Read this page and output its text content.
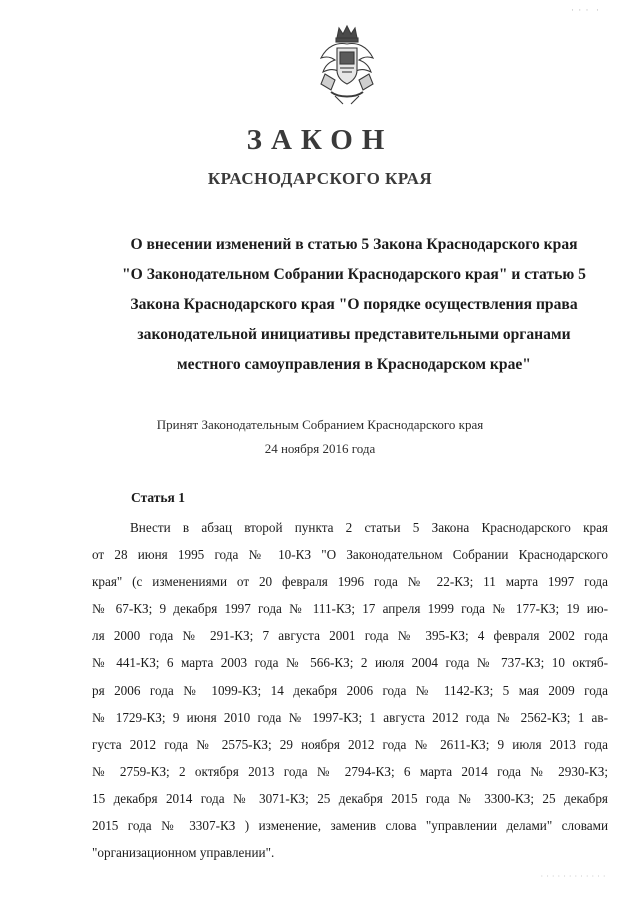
· · ·  ·
ЗАКОН
КРАСНОДАРСКОГО КРАЯ
О внесении изменений в статью 5 Закона Краснодарского края
"О Законодательном Собрании Краснодарского края" и статью 5
Закона Краснодарского края "О порядке осуществления права
законодательной инициативы представительными органами
местного самоуправления в Краснодарском крае"
Принят Законодательным Собранием Краснодарского края
24 ноября 2016 года
Статья 1
Внести в абзац второй пункта 2 статьи 5 Закона Краснодарского края
от 28 июня 1995 года № 10-КЗ "О Законодательном Собрании Краснодарского
края" (с изменениями от 20 февраля 1996 года № 22-КЗ; 11 марта 1997 года
№ 67-КЗ; 9 декабря 1997 года № 111-КЗ; 17 апреля 1999 года № 177-КЗ; 19 ию-
ля 2000 года № 291-КЗ; 7 августа 2001 года № 395-КЗ; 4 февраля 2002 года
№ 441-КЗ; 6 марта 2003 года № 566-КЗ; 2 июля 2004 года № 737-КЗ; 10 октяб-
ря 2006 года № 1099-КЗ; 14 декабря 2006 года № 1142-КЗ; 5 мая 2009 года
№ 1729-КЗ; 9 июня 2010 года № 1997-КЗ; 1 августа 2012 года № 2562-КЗ; 1 ав-
густа 2012 года № 2575-КЗ; 29 ноября 2012 года № 2611-КЗ; 9 июля 2013 года
№ 2759-КЗ; 2 октября 2013 года № 2794-КЗ; 6 марта 2014 года № 2930-КЗ;
15 декабря 2014 года № 3071-КЗ; 25 декабря 2015 года № 3300-КЗ; 25 декабря
2015 года № 3307-КЗ ) изменение, заменив слова "управлении делами" словами
"организационном управлении".
· · · · · · · · · · · ·
